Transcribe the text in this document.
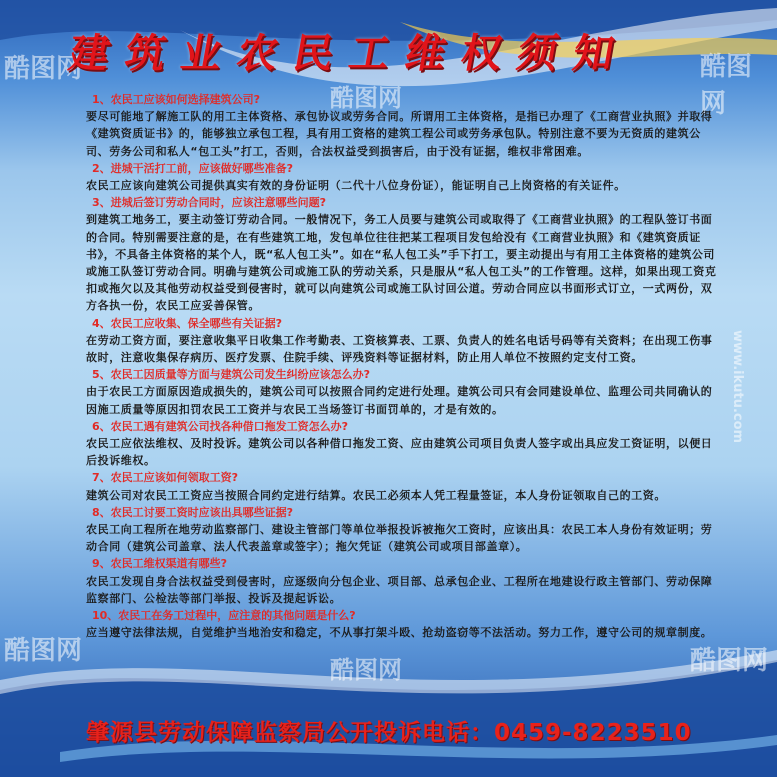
酷图网	酷图网
酷图网
酷图网
酷图网	酷图网
www.ikutu.com
建筑业农民工维权须知
1、农民工应该如何选择建筑公司?
要尽可能地了解施工队的用工主体资格、承包协议或劳务合同。所谓用工主体资格，是指已办理了《工商营业执照》并取得《建筑资质证书》的，能够独立承包工程，具有用工资格的建筑工程公司或劳务承包队。特别注意不要为无资质的建筑公司、劳务公司和私人“包工头”打工，否则，合法权益受到损害后，由于没有证据，维权非常困难。
2、进城干活打工前，应该做好哪些准备?
农民工应该向建筑公司提供真实有效的身份证明（二代十八位身份证），能证明自己上岗资格的有关证件。
3、进城后签订劳动合同时，应该注意哪些问题?
到建筑工地务工，要主动签订劳动合同。一般情况下，务工人员要与建筑公司或取得了《工商营业执照》的工程队签订书面的合同。特别需要注意的是，在有些建筑工地，发包单位往往把某工程项目发包给没有《工商营业执照》和《建筑资质证书》，不具备主体资格的某个人，既“私人包工头”。如在“私人包工头”手下打工，要主动提出与有用工主体资格的建筑公司或施工队签订劳动合同。明确与建筑公司或施工队的劳动关系，只是服从“私人包工头”的工作管理。这样，如果出现工资克扣或拖欠以及其他劳动权益受到侵害时，就可以向建筑公司或施工队讨回公道。劳动合同应以书面形式订立，一式两份，双方各执一份，农民工应妥善保管。
4、农民工应收集、保全哪些有关证据?
在劳动工资方面，要注意收集平日收集工作考勤表、工资核算表、工票、负责人的姓名电话号码等有关资料；在出现工伤事故时，注意收集保存病历、医疗发票、住院手续、评残资料等证据材料，防止用人单位不按照约定支付工资。
5、农民工因质量等方面与建筑公司发生纠纷应该怎么办?
由于农民工方面原因造成损失的，建筑公司可以按照合同约定进行处理。建筑公司只有会同建设单位、监理公司共同确认的因施工质量等原因扣罚农民工工资并与农民工当场签订书面罚单的，才是有效的。
6、农民工遇有建筑公司找各种借口拖发工资怎么办?
农民工应依法维权、及时投诉。建筑公司以各种借口拖发工资、应由建筑公司项目负责人签字或出具应发工资证明，以便日后投诉维权。
7、农民工应该如何领取工资?
建筑公司对农民工工资应当按照合同约定进行结算。农民工必须本人凭工程量签证，本人身份证领取自己的工资。
8、农民工讨要工资时应该出具哪些证据?
农民工向工程所在地劳动监察部门、建设主管部门等单位举报投诉被拖欠工资时，应该出具：农民工本人身份有效证明；劳动合同（建筑公司盖章、法人代表盖章或签字）；拖欠凭证（建筑公司或项目部盖章）。
9、农民工维权渠道有哪些?
农民工发现自身合法权益受到侵害时，应逐级向分包企业、项目部、总承包企业、工程所在地建设行政主管部门、劳动保障监察部门、公检法等部门举报、投诉及提起诉讼。
10、农民工在务工过程中，应注意的其他问题是什么?
应当遵守法律法规，自觉维护当地治安和稳定，不从事打架斗殴、抢劫盗窃等不法活动。努力工作，遵守公司的规章制度。
肇源县劳动保障监察局公开投诉电话：0459-8223510
